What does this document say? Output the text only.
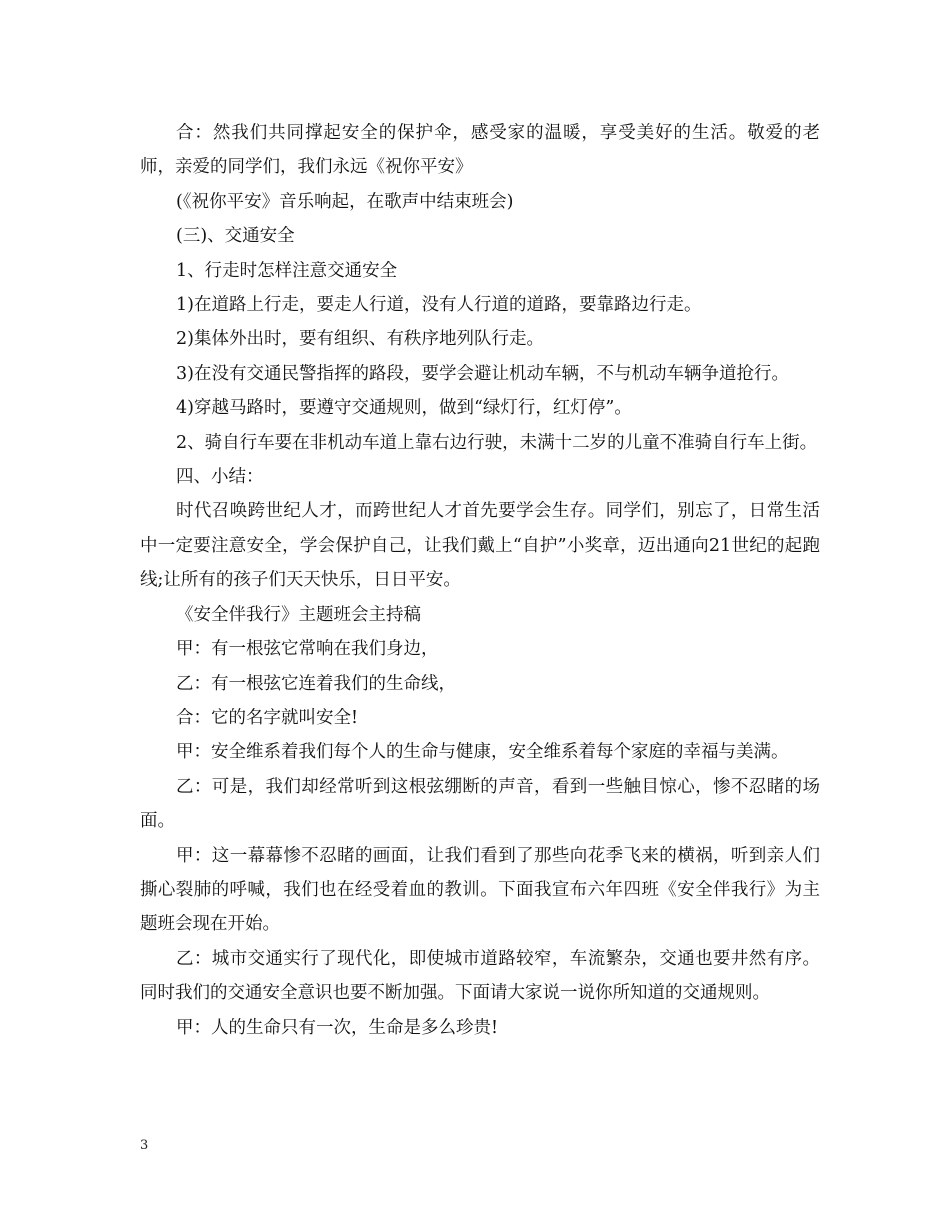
合：然我们共同撑起安全的保护伞，感受家的温暖，享受美好的生活。敬爱的老师，亲爱的同学们，我们永远《祝你平安》

(《祝你平安》音乐响起，在歌声中结束班会)

(三)、交通安全

1、行走时怎样注意交通安全

1)在道路上行走，要走人行道，没有人行道的道路，要靠路边行走。

2)集体外出时，要有组织、有秩序地列队行走。

3)在没有交通民警指挥的路段，要学会避让机动车辆，不与机动车辆争道抢行。

4)穿越马路时，要遵守交通规则，做到“绿灯行，红灯停”。

2、骑自行车要在非机动车道上靠右边行驶，未满十二岁的儿童不准骑自行车上街。

四、小结：

时代召唤跨世纪人才，而跨世纪人才首先要学会生存。同学们，别忘了，日常生活中一定要注意安全，学会保护自己，让我们戴上“自护”小奖章，迈出通向21世纪的起跑线;让所有的孩子们天天快乐，日日平安。

《安全伴我行》主题班会主持稿

甲：有一根弦它常响在我们身边，

乙：有一根弦它连着我们的生命线，

合：它的名字就叫安全!

甲：安全维系着我们每个人的生命与健康，安全维系着每个家庭的幸福与美满。

乙：可是，我们却经常听到这根弦绷断的声音，看到一些触目惊心，惨不忍睹的场面。

甲：这一幕幕惨不忍睹的画面，让我们看到了那些向花季飞来的横祸，听到亲人们撕心裂肺的呼喊，我们也在经受着血的教训。下面我宣布六年四班《安全伴我行》为主题班会现在开始。

乙：城市交通实行了现代化，即使城市道路较窄，车流繁杂，交通也要井然有序。同时我们的交通安全意识也要不断加强。下面请大家说一说你所知道的交通规则。

甲：人的生命只有一次，生命是多么珍贵!

3
